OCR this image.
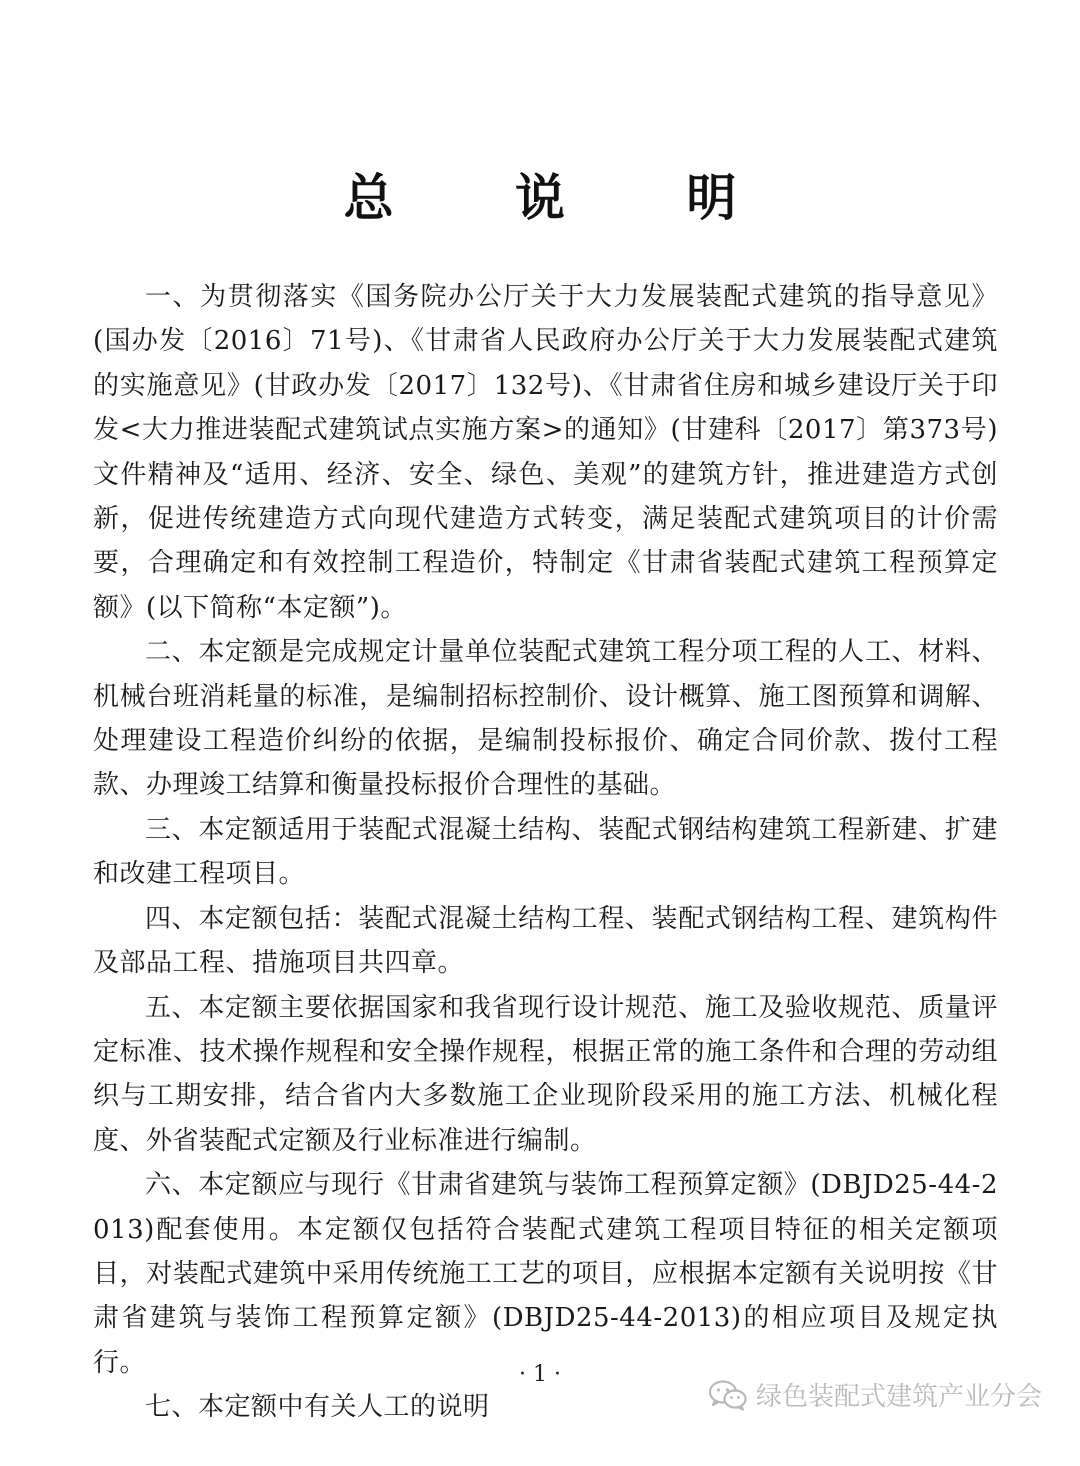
总 说 明

一、为贯彻落实《国务院办公厅关于大力发展装配式建筑的指导意见》(国办发〔2016〕71号)、《甘肃省人民政府办公厅关于大力发展装配式建筑的实施意见》(甘政办发〔2017〕132号)、《甘肃省住房和城乡建设厅关于印发<大力推进装配式建筑试点实施方案>的通知》(甘建科〔2017〕第373号)文件精神及“适用、经济、安全、绿色、美观”的建筑方针，推进建造方式创新，促进传统建造方式向现代建造方式转变，满足装配式建筑项目的计价需要，合理确定和有效控制工程造价，特制定《甘肃省装配式建筑工程预算定额》(以下简称“本定额”)。

二、本定额是完成规定计量单位装配式建筑工程分项工程的人工、材料、机械台班消耗量的标准，是编制招标控制价、设计概算、施工图预算和调解、处理建设工程造价纠纷的依据，是编制投标报价、确定合同价款、拨付工程款、办理竣工结算和衡量投标报价合理性的基础。

三、本定额适用于装配式混凝土结构、装配式钢结构建筑工程新建、扩建和改建工程项目。

四、本定额包括：装配式混凝土结构工程、装配式钢结构工程、建筑构件及部品工程、措施项目共四章。

五、本定额主要依据国家和我省现行设计规范、施工及验收规范、质量评定标准、技术操作规程和安全操作规程，根据正常的施工条件和合理的劳动组织与工期安排，结合省内大多数施工企业现阶段采用的施工方法、机械化程度、外省装配式定额及行业标准进行编制。

六、本定额应与现行《甘肃省建筑与装饰工程预算定额》(DBJD25-44-2013)配套使用。本定额仅包括符合装配式建筑工程项目特征的相关定额项目，对装配式建筑中采用传统施工工艺的项目，应根据本定额有关说明按《甘肃省建筑与装饰工程预算定额》(DBJD25-44-2013)的相应项目及规定执行。

七、本定额中有关人工的说明

· 1 ·
绿色装配式建筑产业分会
